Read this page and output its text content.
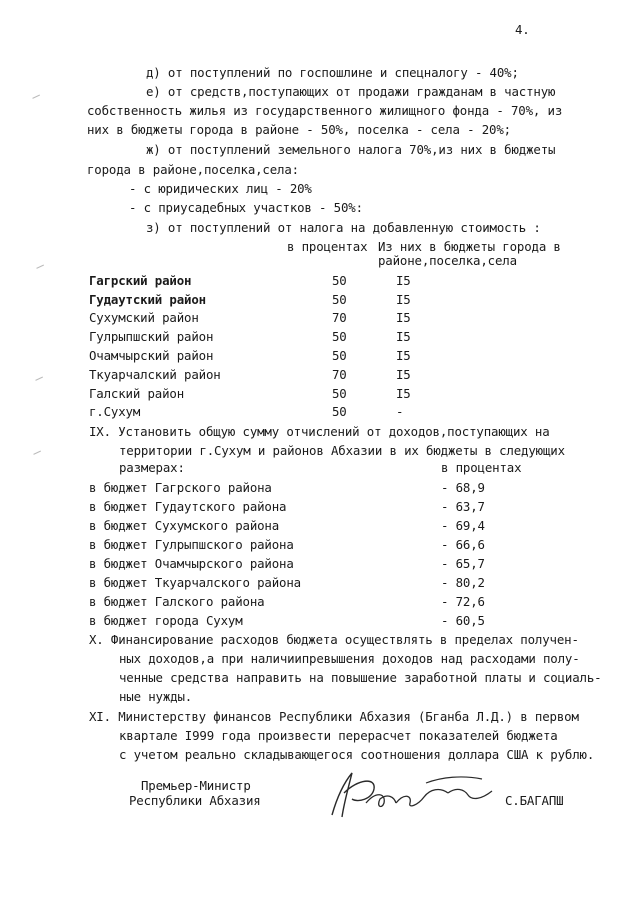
4.
д) от поступлений по госпошлине и спецналогу - 40%;
е) от средств,поступающих от продажи гражданам в частную
собственность жилья из государственного жилищного фонда - 70%, из
них в бюджеты города в районе - 50%, поселка - села - 20%;
ж) от поступлений земельного налога 70%,из них в бюджеты
города в районе,поселка,села:
- с юридических лиц - 20%
- с приусадебных участков - 50%:
з) от поступлений от налога на добавленную стоимость :
в процентах Из них в бюджеты города в
районе,поселка,села
Гагрский район	50	I5
Гудаутский район	50	I5
Сухумский район	70	I5
Гулрыпшский район	50	I5
Очамчырский район	50	I5
Ткуарчалский район	70	I5
Галский район	50	I5
г.Сухум	50	-
IX. Установить общую сумму отчислений от доходов,поступающих на
территории г.Сухум и районов Абхазии в их бюджеты в следующих
размерах:	в процентах
в бюджет Гагрского района	- 68,9
в бюджет Гудаутского района	- 63,7
в бюджет Сухумского района	- 69,4
в бюджет Гулрыпшского района	- 66,6
в бюджет Очамчырского района	- 65,7
в бюджет Ткуарчалского района	- 80,2
в бюджет Галского района	- 72,6
в бюджет города Сухум	- 60,5
X. Финансирование расходов бюджета осуществлять в пределах получен-
ных доходов,а при наличиипревышения доходов над расходами полу-
ченные средства направить на повышение заработной платы и социаль-
ные нужды.
XI. Министерству финансов Республики Абхазия (Бганба Л.Д.) в первом
квартале I999 года произвести перерасчет показателей бюджета
с учетом реально складывающегося соотношения доллара США к рублю.
Премьер-Министр
Республики Абхазия	С.БАГАПШ
